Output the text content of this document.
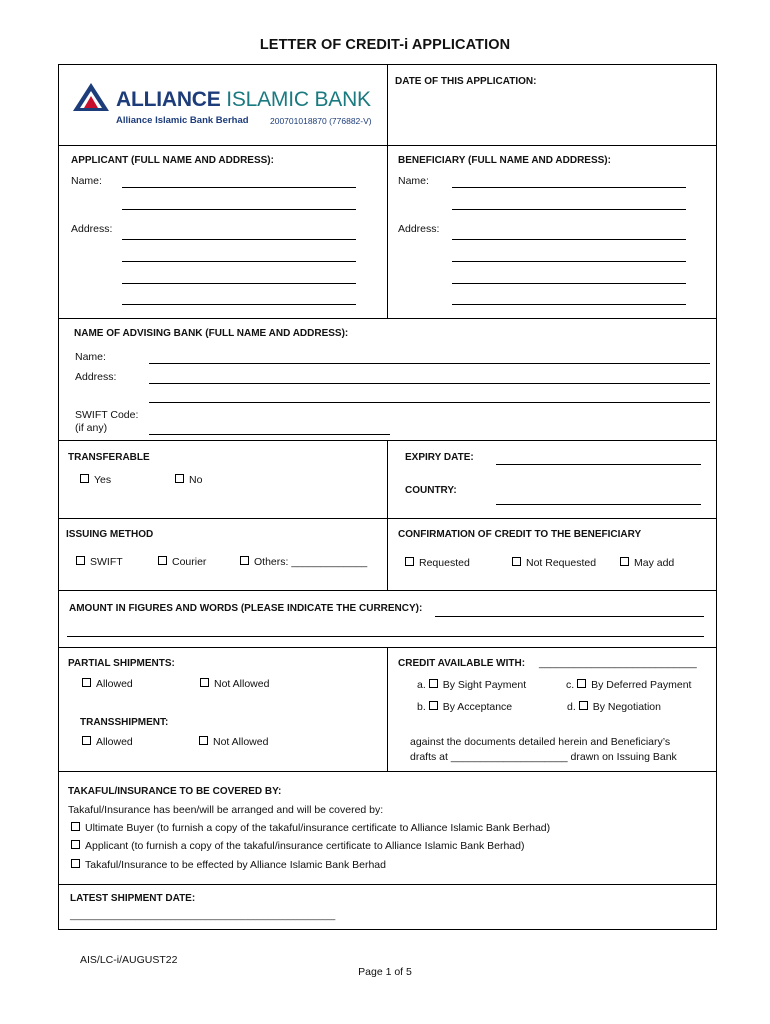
LETTER OF CREDIT-i APPLICATION
ALLIANCE ISLAMIC BANK
Alliance Islamic Bank Berhad	200701018870 (776882-V)
DATE OF THIS APPLICATION:
APPLICANT (FULL NAME AND ADDRESS):
Name:
Address:
BENEFICIARY (FULL NAME AND ADDRESS):
Name:
Address:
NAME OF ADVISING BANK (FULL NAME AND ADDRESS):
Name:
Address:
SWIFT Code:
(if any)
TRANSFERABLE
Yes	No
EXPIRY DATE:
COUNTRY:
ISSUING METHOD
SWIFT	Courier	Others: _____________
CONFIRMATION OF CREDIT TO THE BENEFICIARY
Requested	Not Requested	May add
AMOUNT IN FIGURES AND WORDS (PLEASE INDICATE THE CURRENCY):
PARTIAL SHIPMENTS:
Allowed	Not Allowed
TRANSSHIPMENT:
Allowed	Not Allowed
CREDIT AVAILABLE WITH: ___________________________
a. By Sight Payment	c. By Deferred Payment
b. By Acceptance	d. By Negotiation
against the documents detailed herein and Beneficiary’s
drafts at ____________________ drawn on Issuing Bank
TAKAFUL/INSURANCE TO BE COVERED BY:
Takaful/Insurance has been/will be arranged and will be covered by:
Ultimate Buyer (to furnish a copy of the takaful/insurance certificate to Alliance Islamic Bank Berhad)
Applicant (to furnish a copy of the takaful/insurance certificate to Alliance Islamic Bank Berhad)
Takaful/Insurance to be effected by Alliance Islamic Bank Berhad
LATEST SHIPMENT DATE:
_____________________________________________________
AIS/LC-i/AUGUST22
Page 1 of 5
